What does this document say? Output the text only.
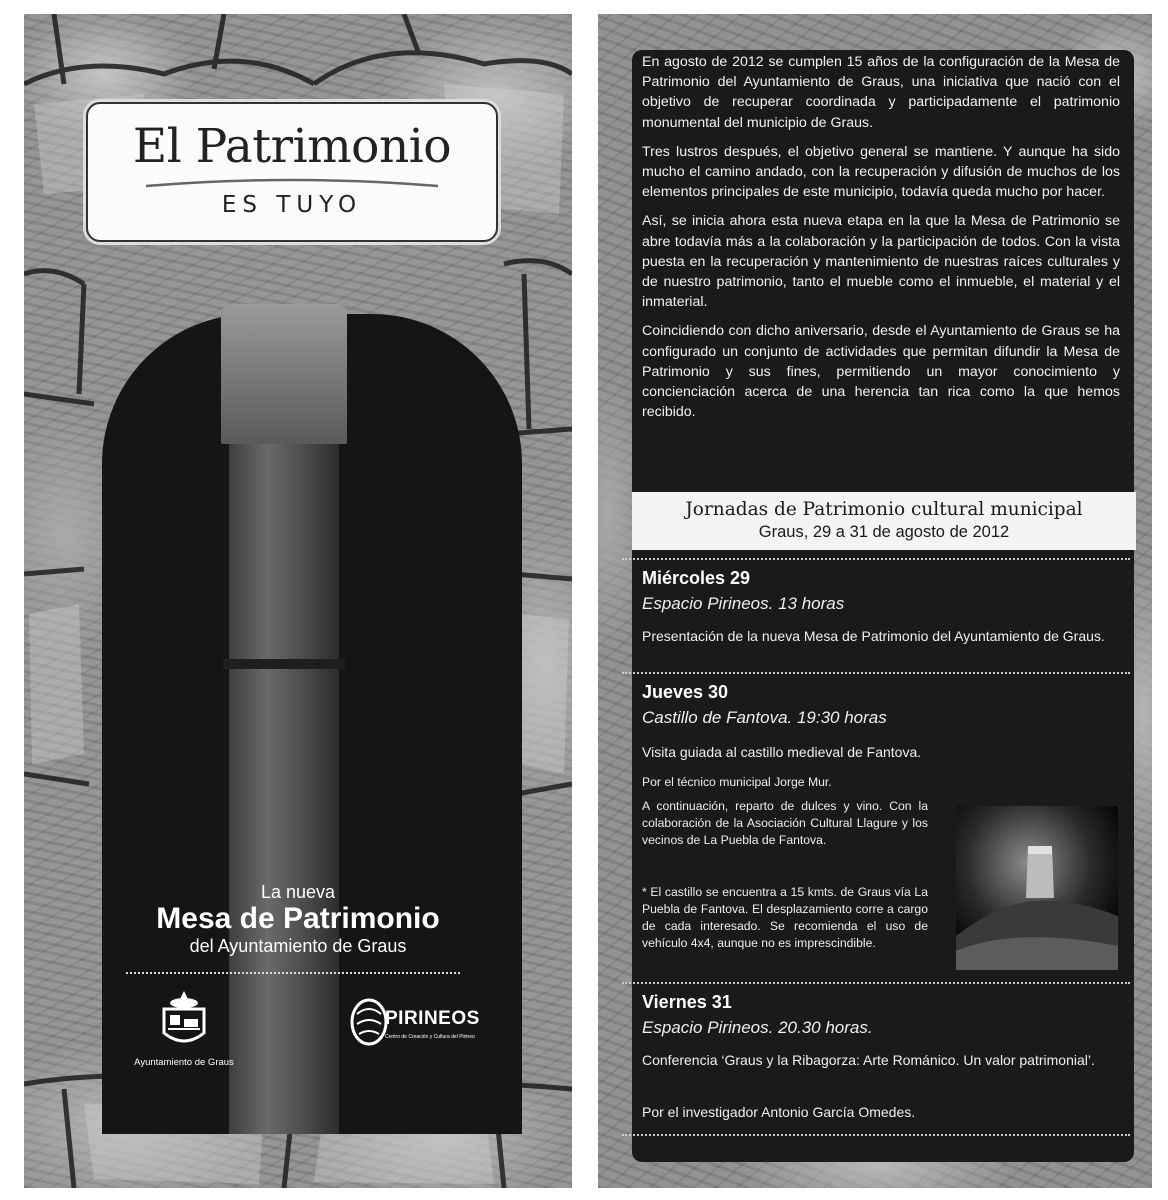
El Patrimonio
ES TUYO
La nueva
Mesa de Patrimonio
del Ayuntamiento de Graus
Ayuntamiento de Graus
PIRINEOS
Centro de Creación y Cultura del Pirineo

En agosto de 2012 se cumplen 15 años de la configuración de la Mesa de Patrimonio del Ayuntamiento de Graus, una iniciativa que nació con el objetivo de recuperar coordinada y participadamente el patrimonio monumental del municipio de Graus.

Tres lustros después, el objetivo general se mantiene. Y aunque ha sido mucho el camino andado, con la recuperación y difusión de muchos de los elementos principales de este municipio, todavía queda mucho por hacer.

Así, se inicia ahora esta nueva etapa en la que la Mesa de Patrimonio se abre todavía más a la colaboración y la participación de todos. Con la vista puesta en la recuperación y mantenimiento de nuestras raíces culturales y de nuestro patrimonio, tanto el mueble como el inmueble, el material y el inmaterial.

Coincidiendo con dicho aniversario, desde el Ayuntamiento de Graus se ha configurado un conjunto de actividades que permitan difundir la Mesa de Patrimonio y sus fines, permitiendo un mayor conocimiento y concienciación acerca de una herencia tan rica como la que hemos recibido.

Jornadas de Patrimonio cultural municipal
Graus, 29 a 31 de agosto de 2012
Miércoles 29
Espacio Pirineos. 13 horas
Presentación de la nueva Mesa de Patrimonio del Ayuntamiento de Graus.
Jueves 30
Castillo de Fantova. 19:30 horas
Visita guiada al castillo medieval de Fantova.
Por el técnico municipal Jorge Mur.
A continuación, reparto de dulces y vino. Con la colaboración de la Asociación Cultural Llagure y los vecinos de La Puebla de Fantova.
* El castillo se encuentra a 15 kmts. de Graus vía La Puebla de Fantova. El desplazamiento corre a cargo de cada interesado. Se recomienda el uso de vehículo 4x4, aunque no es imprescindible.
Viernes 31
Espacio Pirineos. 20.30 horas.
Conferencia ‘Graus y la Ribagorza: Arte Románico. Un valor patrimonial’.
Por el investigador Antonio García Omedes.
